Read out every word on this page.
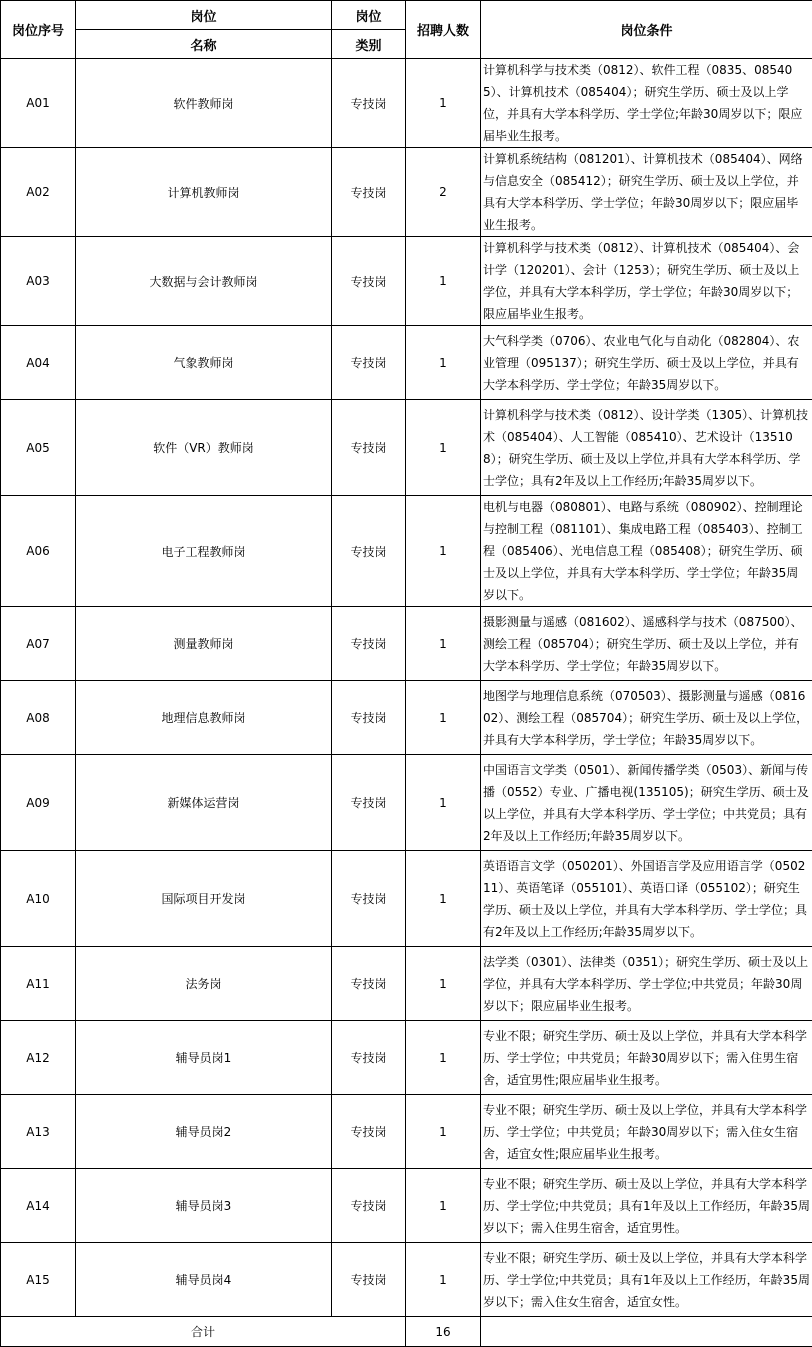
岗位序号	岗位	岗位	招聘人数	岗位条件
	名称	类别		
A01	软件教师岗	专技岗	1	计算机科学与技术类（0812）、软件工程（0835、085405）、计算机技术（085404）；研究生学历、硕士及以上学位，并具有大学本科学历、学士学位;年龄30周岁以下；限应届毕业生报考。
A02	计算机教师岗	专技岗	2	计算机系统结构（081201）、计算机技术（085404）、网络与信息安全（085412）；研究生学历、硕士及以上学位，并具有大学本科学历、学士学位；年龄30周岁以下；限应届毕业生报考。
A03	大数据与会计教师岗	专技岗	1	计算机科学与技术类（0812）、计算机技术（085404）、会计学（120201）、会计（1253）；研究生学历、硕士及以上学位，并具有大学本科学历，学士学位；年龄30周岁以下；限应届毕业生报考。
A04	气象教师岗	专技岗	1	大气科学类（0706）、农业电气化与自动化（082804）、农业管理（095137）；研究生学历、硕士及以上学位，并具有大学本科学历、学士学位；年龄35周岁以下。
A05	软件（VR）教师岗	专技岗	1	计算机科学与技术类（0812）、设计学类（1305）、计算机技术（085404）、人工智能（085410）、艺术设计（135108）；研究生学历、硕士及以上学位,并具有大学本科学历、学士学位；具有2年及以上工作经历;年龄35周岁以下。
A06	电子工程教师岗	专技岗	1	电机与电器（080801）、电路与系统（080902）、控制理论与控制工程（081101）、集成电路工程（085403）、控制工程（085406）、光电信息工程（085408）；研究生学历、硕士及以上学位，并具有大学本科学历、学士学位；年龄35周岁以下。
A07	测量教师岗	专技岗	1	摄影测量与遥感（081602）、遥感科学与技术（087500）、测绘工程（085704）；研究生学历、硕士及以上学位，并有大学本科学历、学士学位；年龄35周岁以下。
A08	地理信息教师岗	专技岗	1	地图学与地理信息系统（070503）、摄影测量与遥感（081602）、测绘工程（085704）；研究生学历、硕士及以上学位，并具有大学本科学历，学士学位；年龄35周岁以下。
A09	新媒体运营岗	专技岗	1	中国语言文学类（0501）、新闻传播学类（0503）、新闻与传播（0552）专业、广播电视(135105)；研究生学历、硕士及以上学位，并具有大学本科学历、学士学位；中共党员；具有2年及以上工作经历;年龄35周岁以下。
A10	国际项目开发岗	专技岗	1	英语语言文学（050201）、外国语言学及应用语言学（050211）、英语笔译（055101）、英语口译（055102）；研究生学历、硕士及以上学位，并具有大学本科学历、学士学位；具有2年及以上工作经历;年龄35周岁以下。
A11	法务岗	专技岗	1	法学类（0301）、法律类（0351）；研究生学历、硕士及以上学位，并具有大学本科学历、学士学位;中共党员；年龄30周岁以下；限应届毕业生报考。
A12	辅导员岗1	专技岗	1	专业不限；研究生学历、硕士及以上学位，并具有大学本科学历、学士学位；中共党员；年龄30周岁以下；需入住男生宿舍，适宜男性;限应届毕业生报考。
A13	辅导员岗2	专技岗	1	专业不限；研究生学历、硕士及以上学位，并具有大学本科学历、学士学位；中共党员；年龄30周岁以下；需入住女生宿舍，适宜女性;限应届毕业生报考。
A14	辅导员岗3	专技岗	1	专业不限；研究生学历、硕士及以上学位，并具有大学本科学历、学士学位;中共党员；具有1年及以上工作经历，年龄35周岁以下；需入住男生宿舍，适宜男性。
A15	辅导员岗4	专技岗	1	专业不限；研究生学历、硕士及以上学位，并具有大学本科学历、学士学位;中共党员；具有1年及以上工作经历，年龄35周岁以下；需入住女生宿舍，适宜女性。
合计			16	
